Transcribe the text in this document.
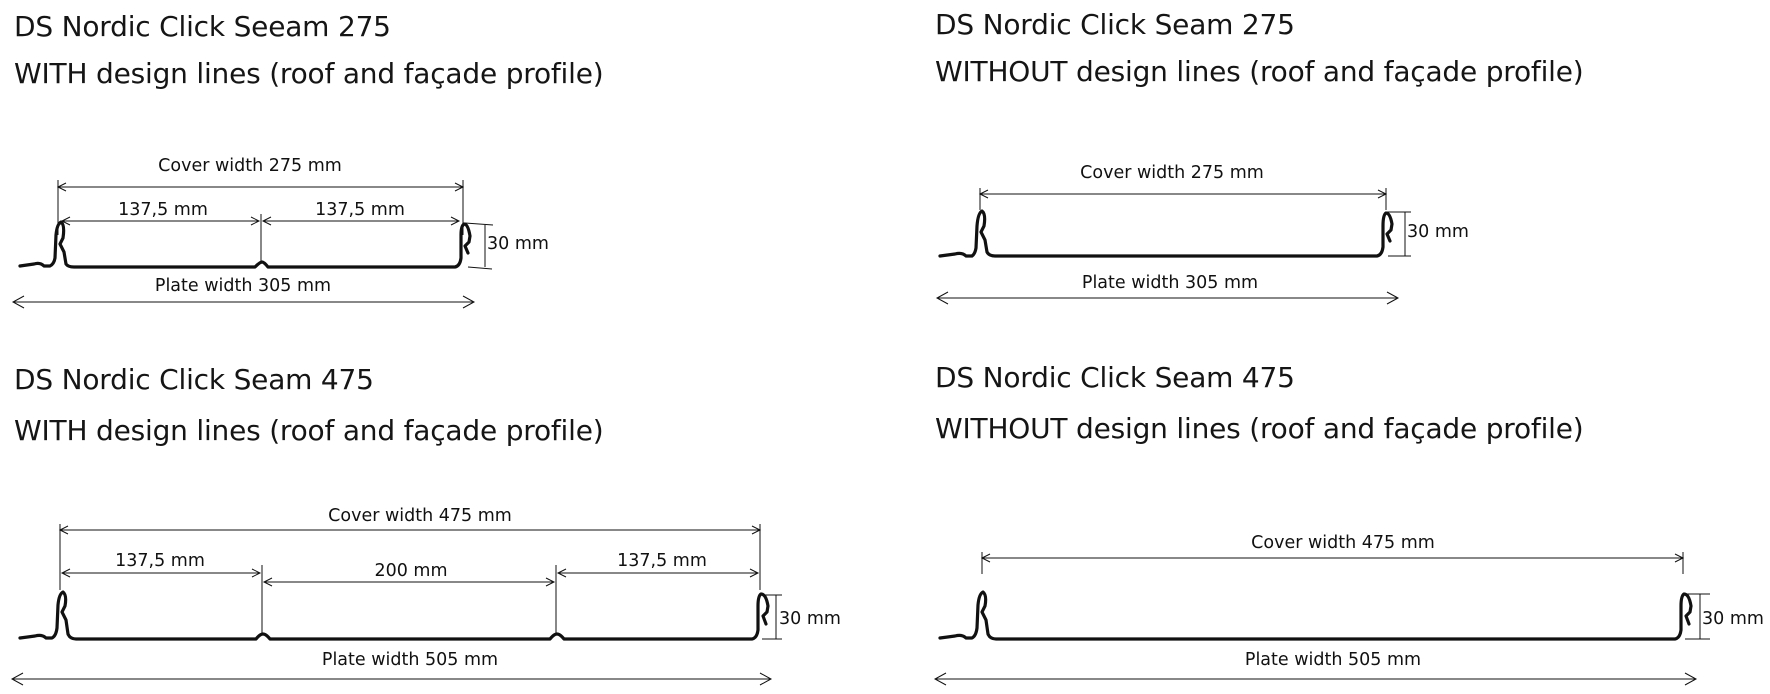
DS Nordic Click Seeam 275
WITH design lines (roof and façade profile)
Cover width 275 mm
137,5 mm	137,5 mm
30 mm
Plate width 305 mm
DS Nordic Click Seam 275
WITHOUT design lines (roof and façade profile)
Cover width 275 mm
30 mm
Plate width 305 mm
DS Nordic Click Seam 475
WITH design lines (roof and façade profile)
Cover width 475 mm
137,5 mm	200 mm	137,5 mm
30 mm
Plate width 505 mm
DS Nordic Click Seam 475
WITHOUT design lines (roof and façade profile)
Cover width 475 mm
30 mm
Plate width 505 mm
